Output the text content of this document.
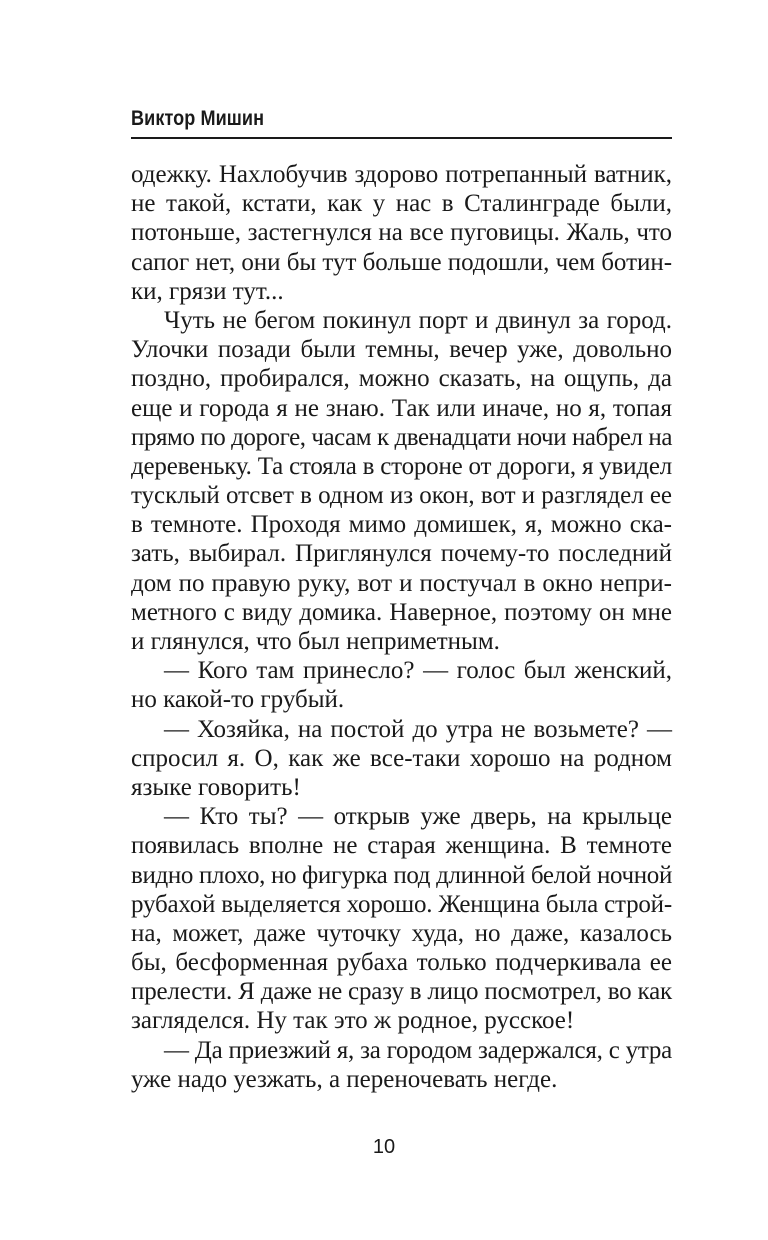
Виктор Мишин
одежку. Нахлобучив здорово потрепанный ватник,
не такой, кстати, как у нас в Сталинграде были,
потоньше, застегнулся на все пуговицы. Жаль, что
сапог нет, они бы тут больше подошли, чем ботин-
ки, грязи тут...
Чуть не бегом покинул порт и двинул за город.
Улочки позади были темны, вечер уже, довольно
поздно, пробирался, можно сказать, на ощупь, да
еще и города я не знаю. Так или иначе, но я, топая
прямо по дороге, часам к двенадцати ночи набрел на
деревеньку. Та стояла в стороне от дороги, я увидел
тусклый отсвет в одном из окон, вот и разглядел ее
в темноте. Проходя мимо домишек, я, можно ска-
зать, выбирал. Приглянулся почему-то последний
дом по правую руку, вот и постучал в окно непри-
метного с виду домика. Наверное, поэтому он мне
и глянулся, что был неприметным.
— Кого там принесло? — голос был женский,
но какой-то грубый.
— Хозяйка, на постой до утра не возьмете? —
спросил я. О, как же все-таки хорошо на родном
языке говорить!
— Кто ты? — открыв уже дверь, на крыльце
появилась вполне не старая женщина. В темноте
видно плохо, но фигурка под длинной белой ночной
рубахой выделяется хорошо. Женщина была строй-
на, может, даже чуточку худа, но даже, казалось
бы, бесформенная рубаха только подчеркивала ее
прелести. Я даже не сразу в лицо посмотрел, во как
загляделся. Ну так это ж родное, русское!
— Да приезжий я, за городом задержался, с утра
уже надо уезжать, а переночевать негде.
10
